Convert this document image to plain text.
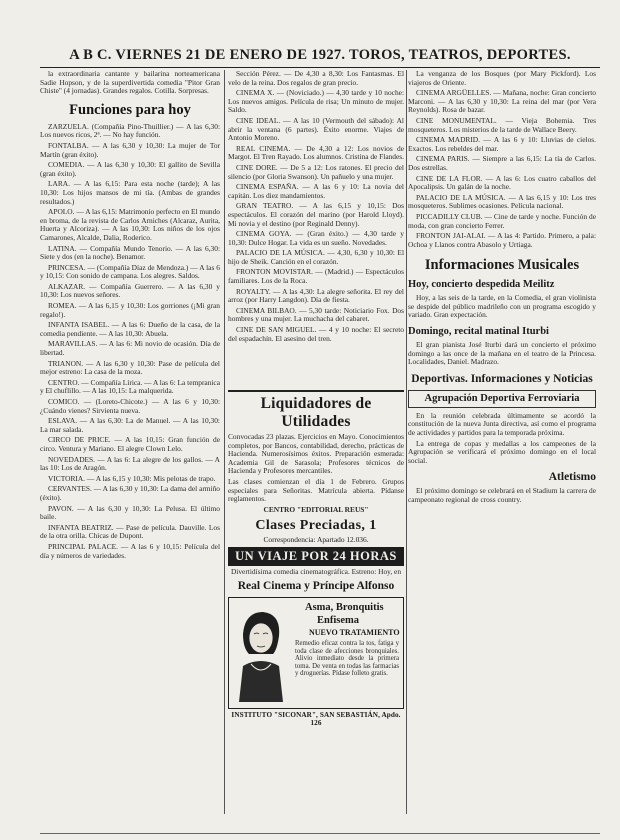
A B C. VIERNES 21 DE ENERO DE 1927. TOROS, TEATROS, DEPORTES.

la extraordinaria cantante y bailarina norteamericana Sadie Hopson, y de la superdivertida comedia "Pitor Gran Chiste" (4 jornadas). Grandes regalos. Cotilla. Sorpresas.

Funciones para hoy

ZARZUELA. (Compañía Pino-Thuillier.) — A las 6,30: Los nuevos ricos, 2ª. — No hay función.

FONTALBA. — A las 6,30 y 10,30: La mujer de Tor Martín (gran éxito).

COMEDIA. — A las 6,30 y 10,30: El gallito de Sevilla (gran éxito).

LARA. — A las 6,15: Para esta noche (tarde); A las 10,30: Los hijos mansos de mi tía. (Ambas de grandes resultados.)

APOLO. — A las 6,15: Matrimonio perfecto en El mundo en broma, de la revista de Carlos Arniches (Alcaraz, Aurita, Huerta y Alcoriza). — A las 10,30: Los niños de los ojos Camarones, Alcalde, Dalia, Roderico.

LATINA. — Compañía Mundo Tenorio. — A las 6,30: Siete y dos (en la noche). Benamor.

PRINCESA. — (Compañía Díaz de Mendoza.) — A las 6 y 10,15: Con sonido de campana. Los alegres. Saldos.

ALKAZAR. — Compañía Guerrero. — A las 6,30 y 10,30: Los nuevos señores.

ROMEA. — A las 6,15 y 10,30: Los gorriones (¡Mi gran regalo!).

INFANTA ISABEL. — A las 6: Dueño de la casa, de la comedia pendiente. — A las 10,30: Abuela.

MARAVILLAS. — A las 6: Mi novio de ocasión. Día de libertad.

TRIANON. — A las 6,30 y 10,30: Pase de película del mejor estreno: La casa de la moza.

CENTRO. — Compañía Lírica. — A las 6: La tempranica y El chuflillo. — A las 10,15: La malquerida.

COMICO. — (Loreto-Chicote.) — A las 6 y 10,30: ¿Cuándo vienes? Sirvienta nueva.

ESLAVA. — A las 6,30: La de Manuel. — A las 10,30: La mar salada.

CIRCO DE PRICE. — A las 10,15: Gran función de circo. Ventura y Mariano. El alegre Clown Lelo.

NOVEDADES. — A las 6: La alegre de los gallos. — A las 10: Los de Aragón.

VICTORIA. — A las 6,15 y 10,30: Mis pelotas de trapo.

CERVANTES. — A las 6,30 y 10,30: La dama del armiño (éxito).

PAVON. — A las 6,30 y 10,30: La Pelusa. El último baile.

INFANTA BEATRIZ. — Pase de película. Dauville. Los de la otra orilla. Chicas de Dupont.

PRINCIPAL PALACE. — A las 6 y 10,15: Película del día y números de variedades.

Sección Pérez. — De 4,30 a 8,30: Los Fantasmas. El velo de la reina. Dos regalos de gran precio.

CINEMA X. — (Noviciado.) — 4,30 tarde y 10 noche: Los nuevos amigos. Película de risa; Un minuto de mujer. Saldo.

CINE IDEAL. — A las 10 (Vermouth del sábado): Al abrir la ventana (6 partes). Éxito enorme. Viajes de Antonio Moreno.

REAL CINEMA. — De 4,30 a 12: Los novios de Margot. El Tren Rayado. Los alumnos. Cristina de Flandes.

CINE DORE. — De 5 a 12: Los ratones. El precio del silencio (por Gloria Swanson). Un pañuelo y una mujer.

CINEMA ESPAÑA. — A las 6 y 10: La novia del capitán. Los diez mandamientos.

GRAN TEATRO. — A las 6,15 y 10,15: Dos espectáculos. El corazón del marino (por Harold Lloyd). Mi novia y el destino (por Reginald Denny).

CINEMA GOYA. — (Gran éxito.) — 4,30 tarde y 10,30: Dulce Hogar. La vida es un sueño. Novedades.

PALACIO DE LA MÚSICA. — 4,30, 6,30 y 10,30: El hijo de Sheik. Canción en el corazón.

FRONTON MOVISTAR. — (Madrid.) — Espectáculos familiares. Los de la Roca.

ROYALTY. — A las 4,30: La alegre señorita. El rey del arroz (por Harry Langdon). Día de fiesta.

CINEMA BILBAO. — 5,30 tarde: Noticiario Fox. Dos hombres y una mujer. La muchacha del cabaret.

CINE DE SAN MIGUEL. — 4 y 10 noche: El secreto del espadachín. El asesino del tren.

Liquidadores de Utilidades
Convocadas 23 plazas. Ejercicios en Mayo. Conocimientos completos, por Bancos, contabilidad, derecho, prácticas de Hacienda. Numerosísimos éxitos. Preparación esmerada: Academia Gil de Sarasola; Profesores técnicos de Hacienda y Profesores mercantiles.
Las clases comienzan el día 1 de Febrero. Grupos especiales para Señoritas. Matrícula abierta. Pídanse reglamentos.
CENTRO "EDITORIAL REUS"
Clases Preciadas, 1
Correspondencia: Apartado 12.036.
UN VIAJE POR 24 HORAS
Divertidísima comedia cinematográfica. Estreno: Hoy, en
Real Cinema y Príncipe Alfonso
Asma, Bronquitis
Enfisema
NUEVO TRATAMIENTO
Remedio eficaz contra la tos, fatiga y toda clase de afecciones bronquiales. Alivio inmediato desde la primera toma. De venta en todas las farmacias y droguerías. Pídase folleto gratis.
INSTITUTO "SICONAR", SAN SEBASTIÁN, Apdo. 126

La venganza de los Bosques (por Mary Pickford). Los viajeros de Oriente.

CINEMA ARGÜELLES. — Mañana, noche: Gran concierto Marconi. — A las 6,30 y 10,30: La reina del mar (por Vera Reynolds). Rosa de bazar.

CINE MONUMENTAL. — Vieja Bohemia. Tres mosqueteros. Los misterios de la tarde de Wallace Beery.

CINEMA MADRID. — A las 6 y 10: Lluvias de cielos. Exactos. Los rebeldes del mar.

CINEMA PARIS. — Siempre a las 6,15: La tía de Carlos. Dos estrellas.

CINE DE LA FLOR. — A las 6: Los cuatro caballos del Apocalipsis. Un galán de la noche.

PALACIO DE LA MÚSICA. — A las 6,15 y 10: Los tres mosqueteros. Sublimes ocasiones. Película nacional.

PICCADILLY CLUB. — Cine de tarde y noche. Función de moda, con gran concierto Ferrer.

FRONTON JAI-ALAI. — A las 4: Partido. Primero, a pala: Ochoa y Llanos contra Abasolo y Urtiaga.

Informaciones Musicales
Hoy, concierto despedida Meilitz

Hoy, a las seis de la tarde, en la Comedia, el gran violinista se despide del público madrileño con un programa escogido y variado. Gran expectación.

Domingo, recital matinal Iturbi

El gran pianista José Iturbi dará un concierto el próximo domingo a las once de la mañana en el teatro de la Princesa. Localidades, Daniel. Madrazo.

Deportivas. Informaciones y Noticias
Agrupación Deportiva Ferroviaria

En la reunión celebrada últimamente se acordó la constitución de la nueva Junta directiva, así como el programa de actividades y partidos para la temporada próxima.

La entrega de copas y medallas a los campeones de la Agrupación se verificará el próximo domingo en el local social.

Atletismo

El próximo domingo se celebrará en el Stadium la carrera de campeonato regional de cross country.
